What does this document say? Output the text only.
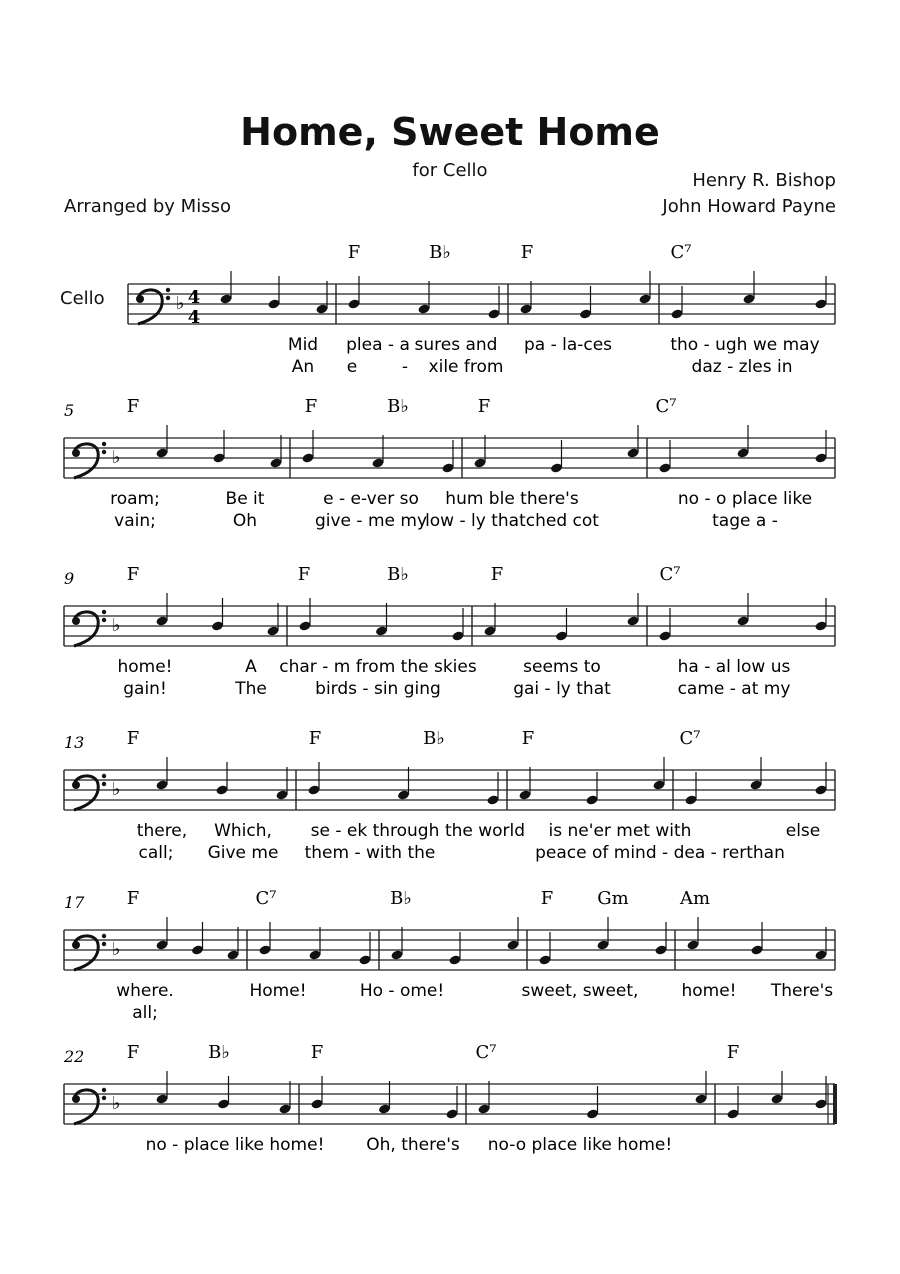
Home, Sweet Home
for Cello	Henry R. Bishop
John Howard Payne
Arranged by Misso
Cello	♭ 4
4
F	B♭	F	C⁷
Mid plea - a sures and pa - la-ces	tho - ugh we may
An e	- xile from	daz - zles in
♭
5	F	F	B♭	F	C⁷
roam;	Be it	e - e-ver so hum ble there's	no - o place like
vain;	Oh	give - me my
low - ly thatched cot	tage a -
♭
9	F	F	B♭	F	C⁷
home!	A char - m from the skies	seems to	ha - al low us
gain!	The	birds - sin ging	gai - ly that	came - at my
♭
13 F	F	B♭	F	C⁷
there, Which, se - ek through the world is ne'er met with	else
call; Give me them - with the	peace of mind - dea - rerthan
♭
17 F	C⁷	B♭	F Gm	Am
where.	Home!	Ho - ome!	sweet, sweet,	home! There's
all;
♭
22 F	B♭	F	C⁷	F
no - place like home! Oh, there's no-o place like home!
